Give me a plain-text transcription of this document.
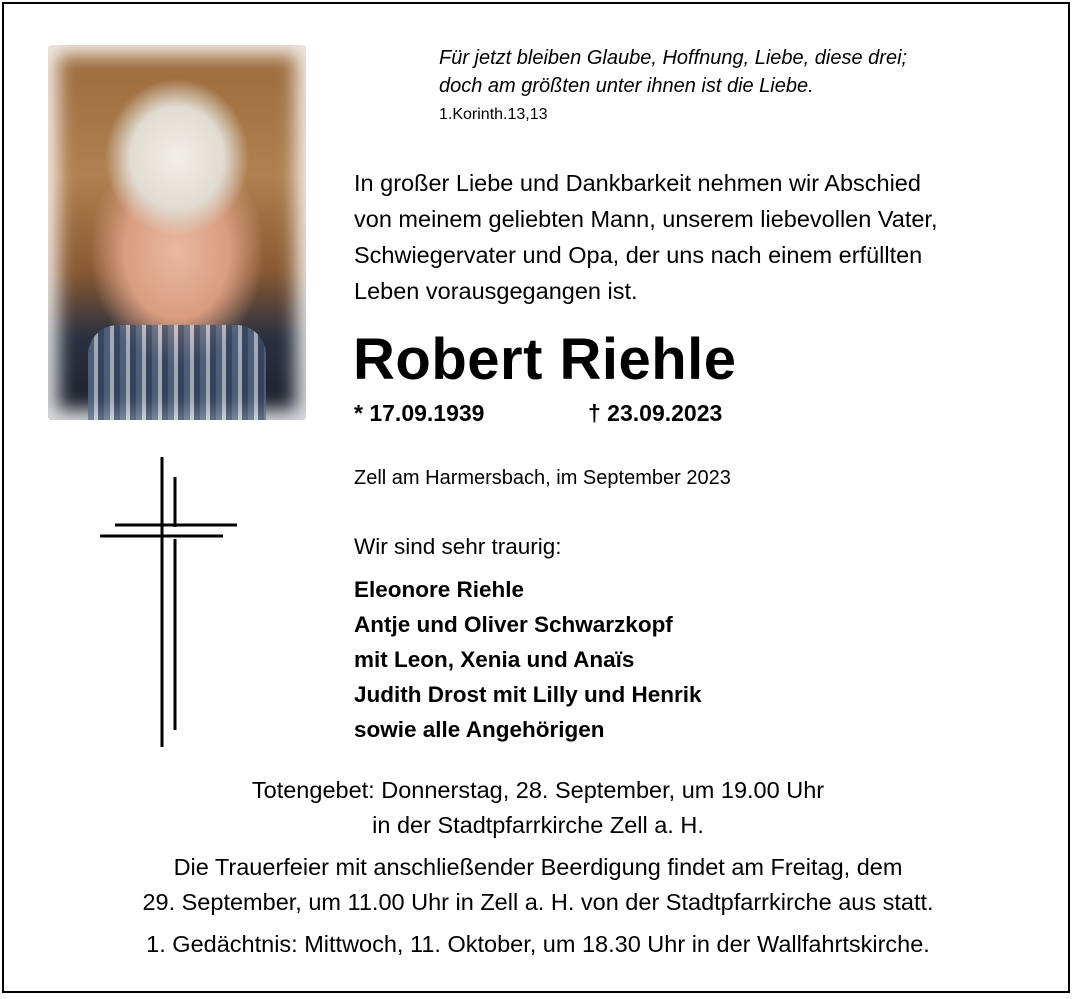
Für jetzt bleiben Glaube, Hoffnung, Liebe, diese drei;
doch am größten unter ihnen ist die Liebe.
1.Korinth.13,13
In großer Liebe und Dankbarkeit nehmen wir Abschied
von meinem geliebten Mann, unserem liebevollen Vater,
Schwiegervater und Opa, der uns nach einem erfüllten
Leben vorausgegangen ist.
Robert Riehle
* 17.09.1939	† 23.09.2023
Zell am Harmersbach, im September 2023
Wir sind sehr traurig:
Eleonore Riehle
Antje und Oliver Schwarzkopf
mit Leon, Xenia und Anaïs
Judith Drost mit Lilly und Henrik
sowie alle Angehörigen
Totengebet: Donnerstag, 28. September, um 19.00 Uhr
in der Stadtpfarrkirche Zell a. H.
Die Trauerfeier mit anschließender Beerdigung findet am Freitag, dem
29. September, um 11.00 Uhr in Zell a. H. von der Stadtpfarrkirche aus statt.
1. Gedächtnis: Mittwoch, 11. Oktober, um 18.30 Uhr in der Wallfahrtskirche.
